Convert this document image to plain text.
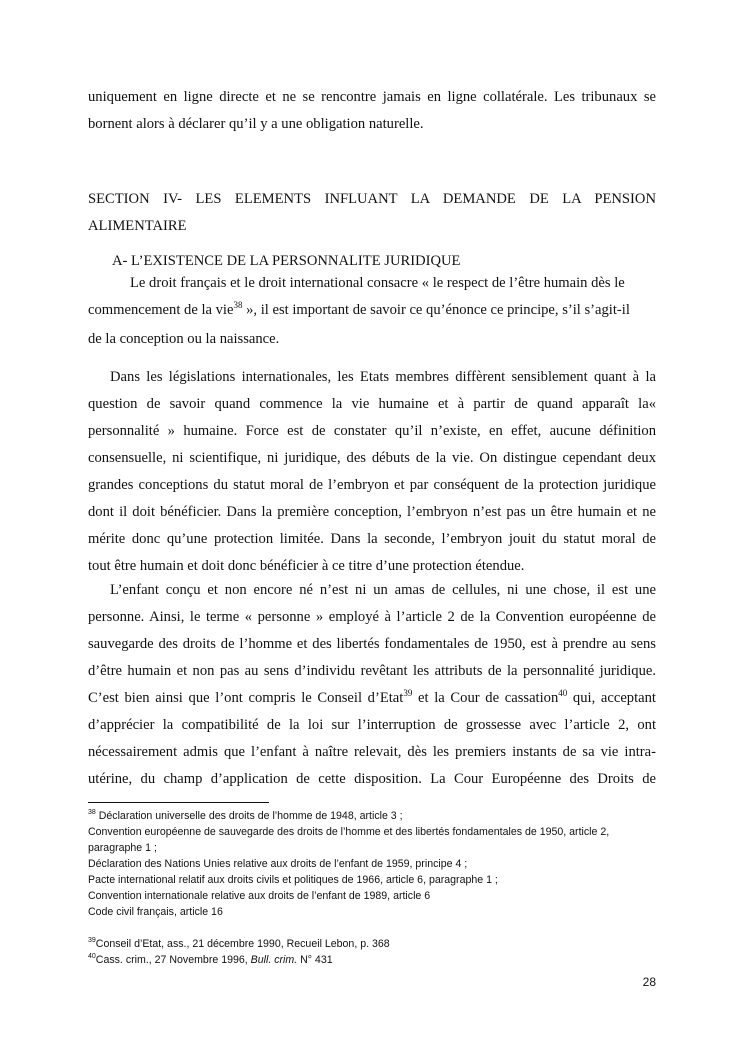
uniquement en ligne directe et ne se rencontre jamais en ligne collatérale. Les tribunaux se
bornent alors à déclarer qu’il y a une obligation naturelle.
SECTION IV- LES ELEMENTS INFLUANT LA DEMANDE DE LA PENSION
ALIMENTAIRE
A- L’EXISTENCE DE LA PERSONNALITE JURIDIQUE
Le droit français et le droit international consacre « le respect de l’être humain dès le
commencement de la vie$^{38}$ », il est important de savoir ce qu’énonce ce principe, s’il s’agit-il
de la conception ou la naissance.
Dans les législations internationales, les Etats membres diffèrent sensiblement quant à la
question de savoir quand commence la vie humaine et à partir de quand apparaît la«
personnalité » humaine. Force est de constater qu’il n’existe, en effet, aucune définition
consensuelle, ni scientifique, ni juridique, des débuts de la vie. On distingue cependant deux
grandes conceptions du statut moral de l’embryon et par conséquent de la protection juridique
dont il doit bénéficier. Dans la première conception, l’embryon n’est pas un être humain et ne
mérite donc qu’une protection limitée. Dans la seconde, l’embryon jouit du statut moral de
tout être humain et doit donc bénéficier à ce titre d’une protection étendue.
L’enfant conçu et non encore né n’est ni un amas de cellules, ni une chose, il est une
personne. Ainsi, le terme « personne » employé à l’article 2 de la Convention européenne de
sauvegarde des droits de l’homme et des libertés fondamentales de 1950, est à prendre au sens
d’être humain et non pas au sens d’individu revêtant les attributs de la personnalité juridique.
C’est bien ainsi que l’ont compris le Conseil d’Etat$^{39}$ et la Cour de cassation$^{40}$ qui, acceptant
d’apprécier la compatibilité de la loi sur l’interruption de grossesse avec l’article 2, ont
nécessairement admis que l’enfant à naître relevait, dès les premiers instants de sa vie intra-
utérine, du champ d’application de cette disposition. La Cour Européenne des Droits de
$^{38}$ Déclaration universelle des droits de l’homme de 1948, article 3 ;
Convention européenne de sauvegarde des droits de l’homme et des libertés fondamentales de 1950, article 2,
paragraphe 1 ;
Déclaration des Nations Unies relative aux droits de l’enfant de 1959, principe 4 ;
Pacte international relatif aux droits civils et politiques de 1966, article 6, paragraphe 1 ;
Convention internationale relative aux droits de l’enfant de 1989, article 6
Code civil français, article 16
$^{39}$Conseil d’Etat, ass., 21 décembre 1990, Recueil Lebon, p. 368
$^{40}$Cass. crim., 27 Novembre 1996, Bull. crim. N° 431
28
